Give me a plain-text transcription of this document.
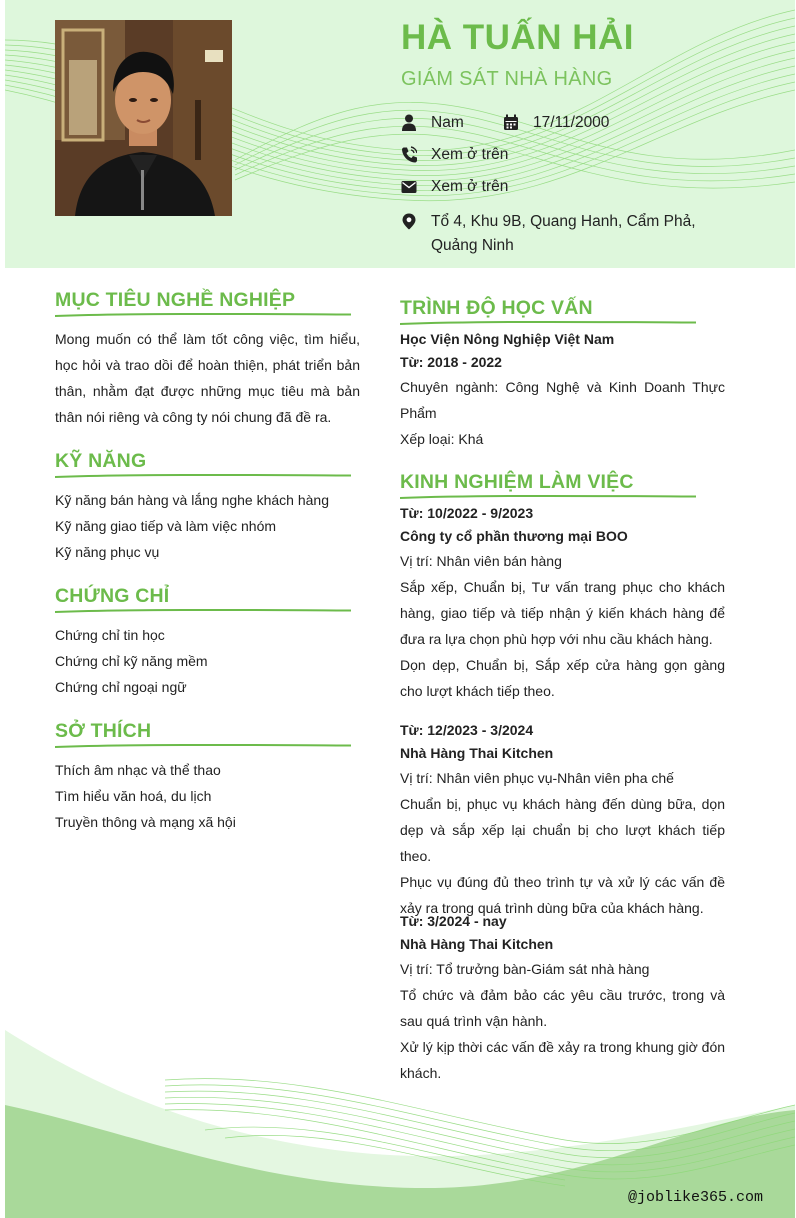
HÀ TUẤN HẢI
GIÁM SÁT NHÀ HÀNG
Nam	17/11/2000
Xem ở trên
Xem ở trên
Tổ 4, Khu 9B, Quang Hanh, Cẩm Phả, Quảng Ninh
MỤC TIÊU NGHỀ NGHIỆP
Mong muốn có thể làm tốt công việc, tìm hiểu, học hỏi và trao dồi để hoàn thiện, phát triển bản thân, nhằm đạt được những mục tiêu mà bản thân nói riêng và công ty nói chung đã đề ra.
KỸ NĂNG
Kỹ năng bán hàng và lắng nghe khách hàng
Kỹ năng giao tiếp và làm việc nhóm
Kỹ năng phục vụ
CHỨNG CHỈ
Chứng chỉ tin học
Chứng chỉ kỹ năng mềm
Chứng chỉ ngoại ngữ
SỞ THÍCH
Thích âm nhạc và thể thao
Tìm hiểu văn hoá, du lịch
Truyền thông và mạng xã hội
TRÌNH ĐỘ HỌC VẤN
Học Viện Nông Nghiệp Việt Nam
Từ: 2018 - 2022
Chuyên ngành: Công Nghệ và Kinh Doanh Thực Phẩm
Xếp loại: Khá
KINH NGHIỆM LÀM VIỆC
Từ: 10/2022 - 9/2023
Công ty cổ phần thương mại BOO
Vị trí: Nhân viên bán hàng
Sắp xếp, Chuẩn bị, Tư vấn trang phục cho khách hàng, giao tiếp và tiếp nhận ý kiến khách hàng để đưa ra lựa chọn phù hợp với nhu cầu khách hàng.
Dọn dẹp, Chuẩn bị, Sắp xếp cửa hàng gọn gàng cho lượt khách tiếp theo.
Từ: 12/2023 - 3/2024
Nhà Hàng Thai Kitchen
Vị trí: Nhân viên phục vụ-Nhân viên pha chế
Chuẩn bị, phục vụ khách hàng đến dùng bữa, dọn dẹp và sắp xếp lại chuẩn bị cho lượt khách tiếp theo.
Phục vụ đúng đủ theo trình tự và xử lý các vấn đề xảy ra trong quá trình dùng bữa của khách hàng.
Từ: 3/2024 - nay
Nhà Hàng Thai Kitchen
Vị trí: Tổ trưởng bàn-Giám sát nhà hàng
Tổ chức và đảm bảo các yêu cầu trước, trong và sau quá trình vận hành.
Xử lý kịp thời các vấn đề xảy ra trong khung giờ đón khách.
@joblike365.com
